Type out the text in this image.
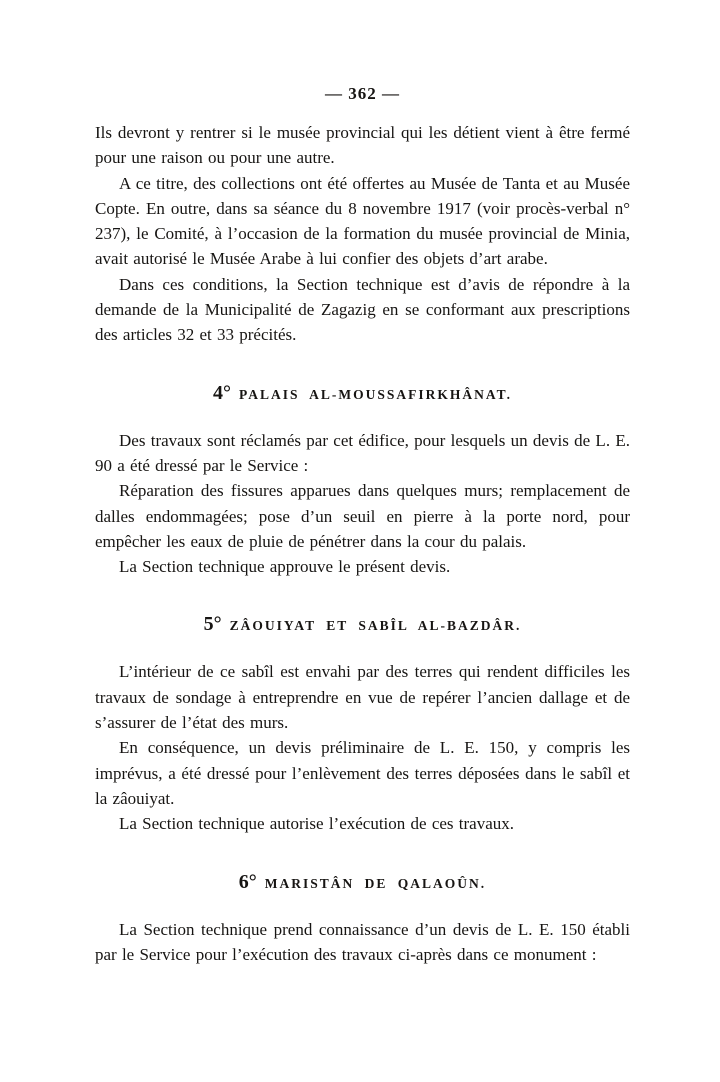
— 362 —

Ils devront y rentrer si le musée provincial qui les détient vient à être fermé pour une raison ou pour une autre.

A ce titre, des collections ont été offertes au Musée de Tanta et au Musée Copte. En outre, dans sa séance du 8 novembre 1917 (voir procès-verbal n° 237), le Comité, à l’occasion de la formation du musée provincial de Minia, avait autorisé le Musée Arabe à lui confier des objets d’art arabe.

Dans ces conditions, la Section technique est d’avis de répondre à la demande de la Municipalité de Zagazig en se conformant aux prescriptions des articles 32 et 33 précités.

4° PALAIS AL-MOUSSAFIRKHÂNAT.

Des travaux sont réclamés par cet édifice, pour lesquels un devis de L. E. 90 a été dressé par le Service :

Réparation des fissures apparues dans quelques murs; remplacement de dalles endommagées; pose d’un seuil en pierre à la porte nord, pour empêcher les eaux de pluie de pénétrer dans la cour du palais.

La Section technique approuve le présent devis.

5° ZÂOUIYAT ET SABÎL AL-BAZDÂR.

L’intérieur de ce sabîl est envahi par des terres qui rendent difficiles les travaux de sondage à entreprendre en vue de repérer l’ancien dallage et de s’assurer de l’état des murs.

En conséquence, un devis préliminaire de L. E. 150, y compris les imprévus, a été dressé pour l’enlèvement des terres déposées dans le sabîl et la zâouiyat.

La Section technique autorise l’exécution de ces travaux.

6° MARISTÂN DE QALAOÛN.

La Section technique prend connaissance d’un devis de L. E. 150 établi par le Service pour l’exécution des travaux ci-après dans ce monument :
